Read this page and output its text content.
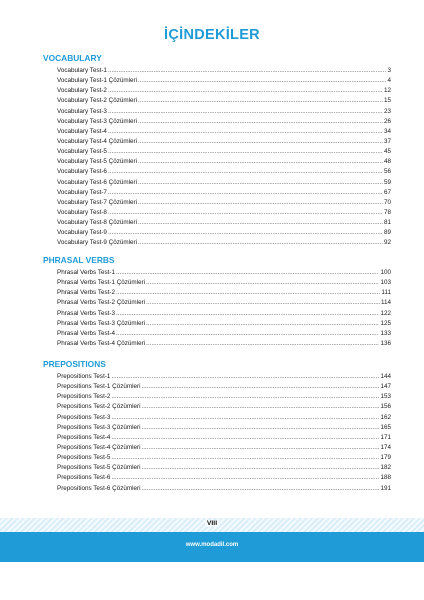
İÇİNDEKİLER
VOCABULARY
Vocabulary Test-1 .....	3
Vocabulary Test-1 Çözümleri .....	4
Vocabulary Test-2 .....	12
Vocabulary Test-2 Çözümleri .....	15
Vocabulary Test-3 .....	23
Vocabulary Test-3 Çözümleri .....	26
Vocabulary Test-4 .....	34
Vocabulary Test-4 Çözümleri .....	37
Vocabulary Test-5 .....	45
Vocabulary Test-5 Çözümleri .....	48
Vocabulary Test-6 .....	56
Vocabulary Test-6 Çözümleri .....	59
Vocabulary Test-7 .....	67
Vocabulary Test-7 Çözümleri .....	70
Vocabulary Test-8 .....	78
Vocabulary Test-8 Çözümleri .....	81
Vocabulary Test-9 .....	89
Vocabulary Test-9 Çözümleri .....	92
PHRASAL VERBS
Phrasal Verbs Test-1 .....	100
Phrasal Verbs Test-1 Çözümleri .....	103
Phrasal Verbs Test-2 .....	111
Phrasal Verbs Test-2 Çözümleri .....	114
Phrasal Verbs Test-3 .....	122
Phrasal Verbs Test-3 Çözümleri .....	125
Phrasal Verbs Test-4 .....	133
Phrasal Verbs Test-4 Çözümleri .....	136
PREPOSITIONS
Prepositions Test-1 .....	144
Prepositions Test-1 Çözümleri .....	147
Prepositions Test-2 .....	153
Prepositions Test-2 Çözümleri .....	156
Prepositions Test-3 .....	162
Prepositions Test-3 Çözümleri .....	165
Prepositions Test-4 .....	171
Prepositions Test-4 Çözümleri .....	174
Prepositions Test-5 .....	179
Prepositions Test-5 Çözümleri .....	182
Prepositions Test-6 .....	188
Prepositions Test-6 Çözümleri .....	191
VIII
www.modadil.com
